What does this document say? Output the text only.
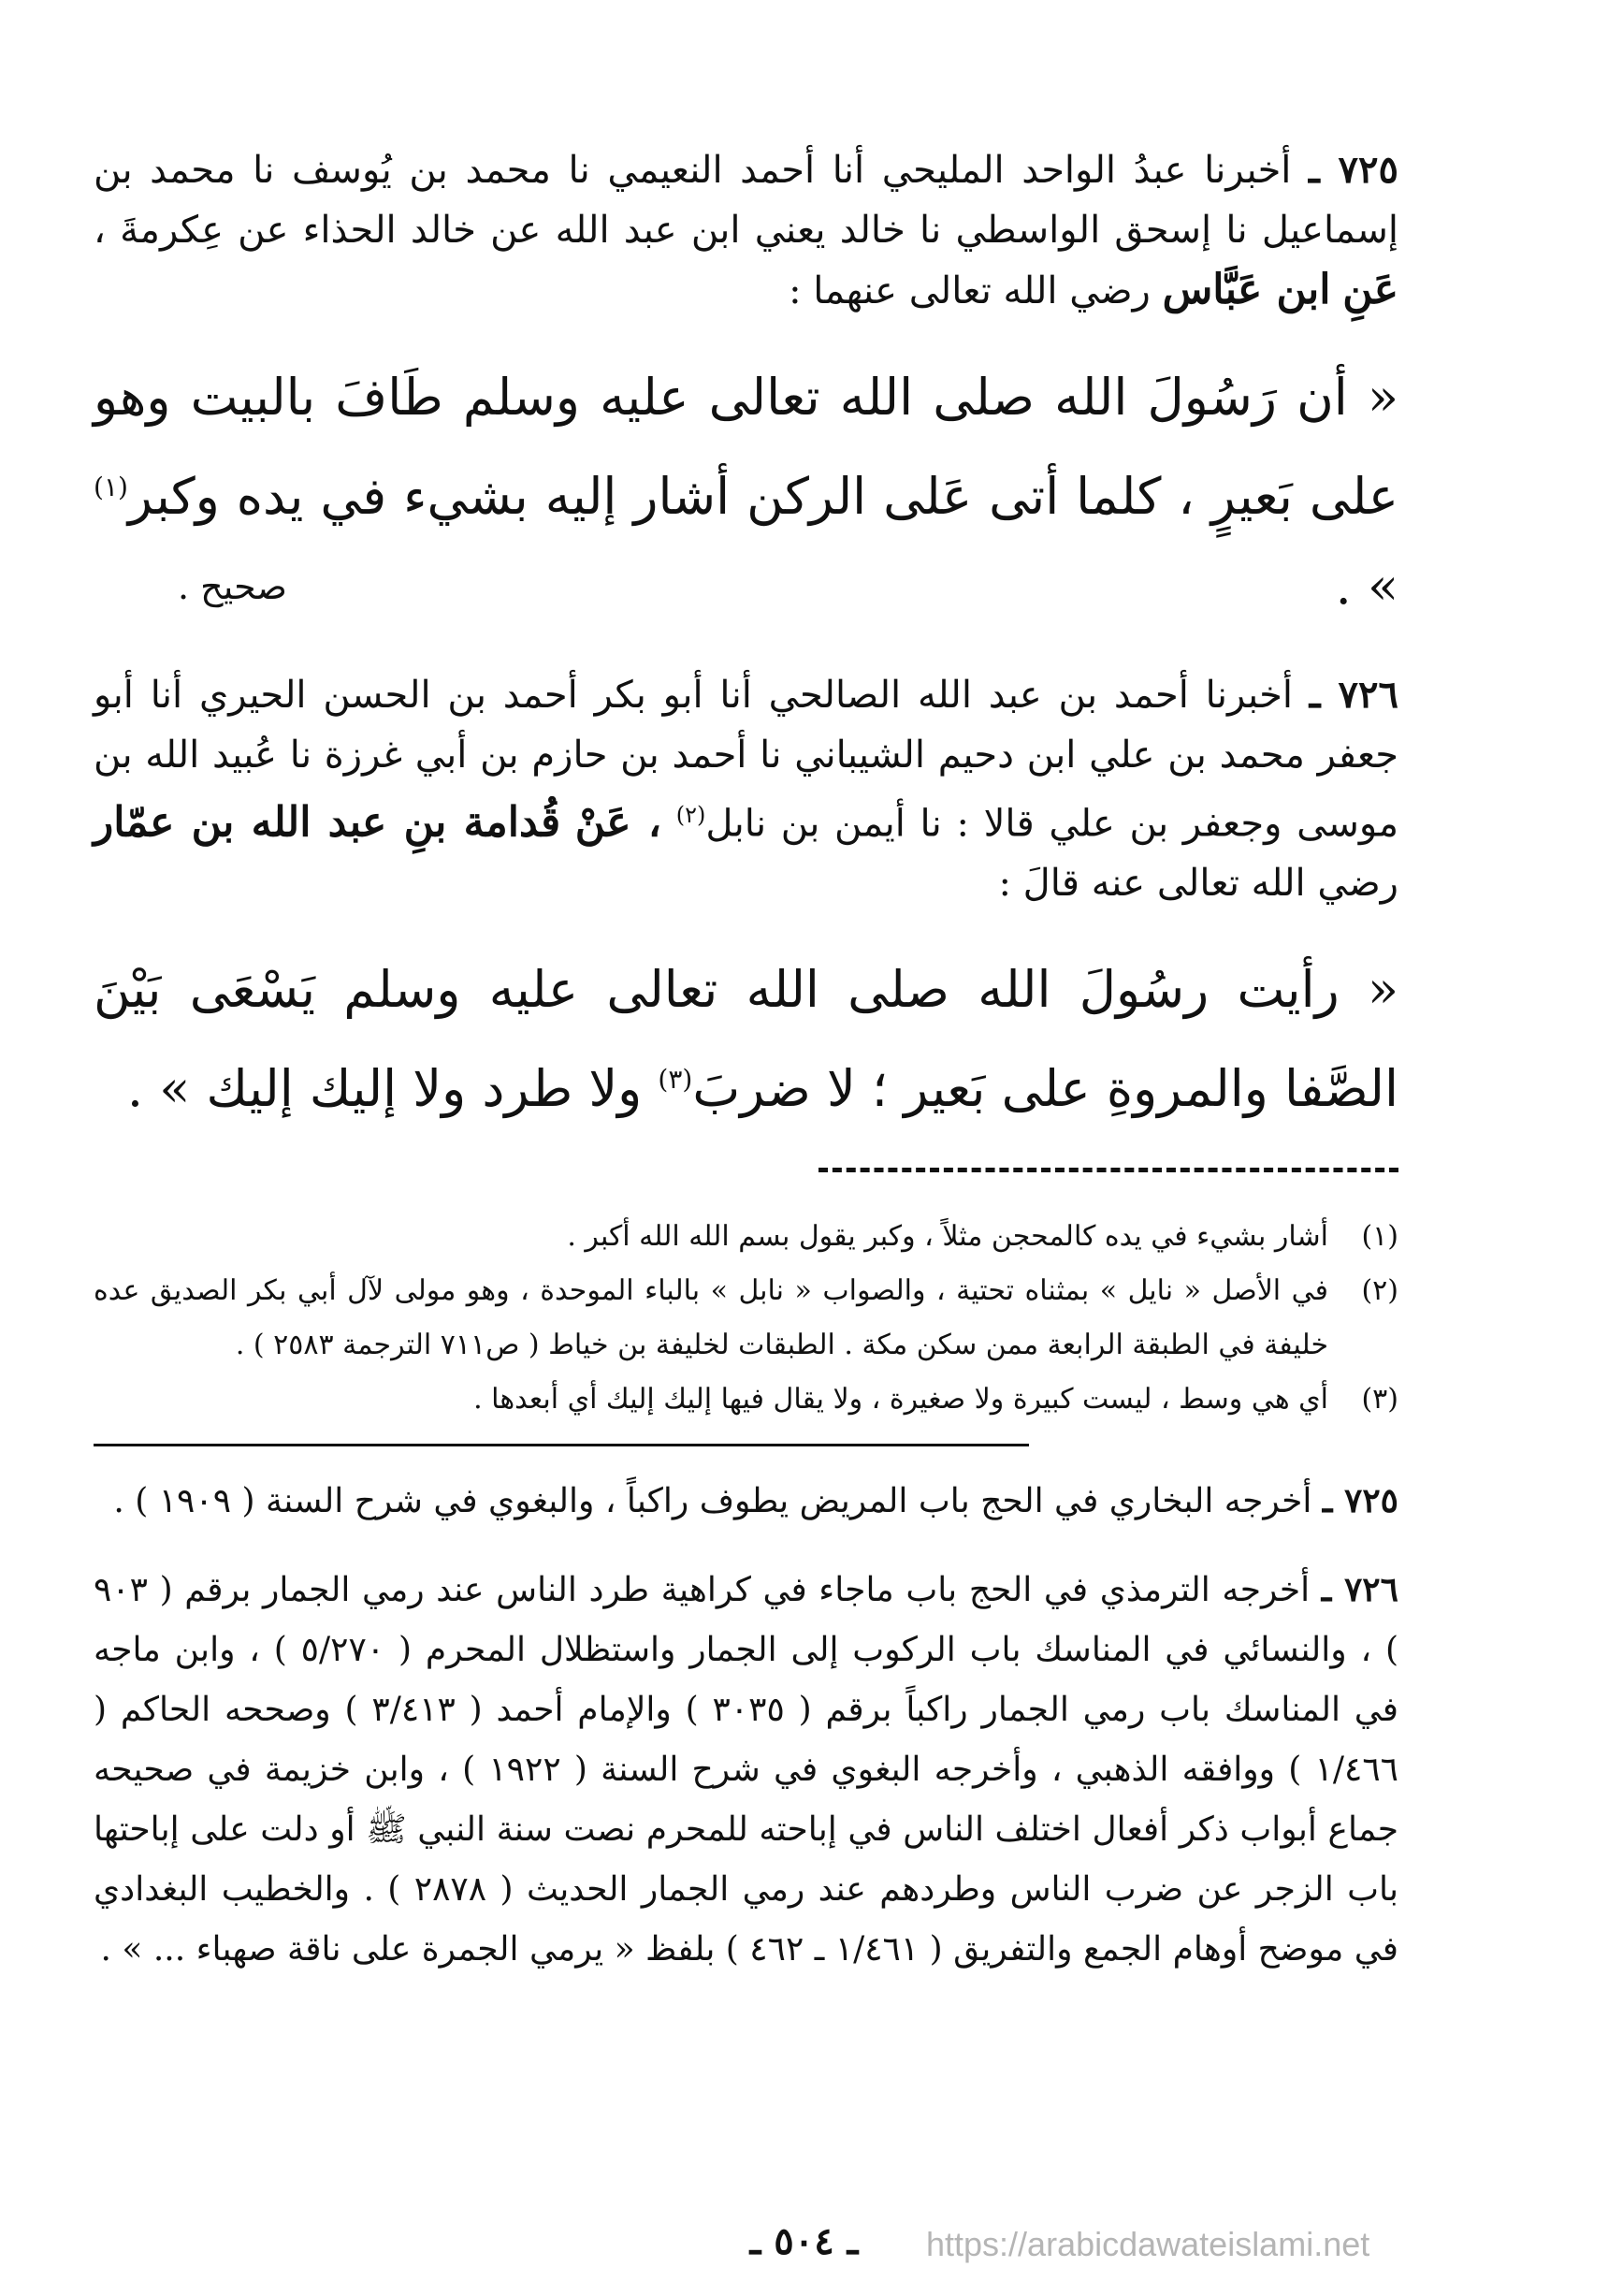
٧٢٥ ـ أخبرنا عبدُ الواحد المليحي أنا أحمد النعيمي نا محمد بن يُوسف نا محمد بن إسماعيل نا إسحق الواسطي نا خالد يعني ابن عبد الله عن خالد الحذاء عن عِكرمةَ ، عَنِ ابن عَبَّاس رضي الله تعالى عنهما :

« أن رَسُولَ الله صلى الله تعالى عليه وسلم طَافَ بالبيت وهو على بَعيرٍ ، كلما أتى عَلى الركن أشار إليه بشيء في يده وكبر$^{(١)}$ » .
صحيح .

٧٢٦ ـ أخبرنا أحمد بن عبد الله الصالحي أنا أبو بكر أحمد بن الحسن الحيري أنا أبو جعفر محمد بن علي ابن دحيم الشيباني نا أحمد بن حازم بن أبي غرزة نا عُبيد الله بن موسى وجعفر بن علي قالا : نا أيمن بن نابل$^{(٢)}$ ، عَنْ قُدامة بنِ عبد الله بن عمّار رضي الله تعالى عنه قالَ :

« رأيت رسُولَ الله صلى الله تعالى عليه وسلم يَسْعَى بَيْنَ الصَّفا والمروةِ على بَعير ؛ لا ضربَ$^{(٣)}$ ولا طرد ولا إليك إليك » .

(١)
أشار بشيء في يده كالمحجن مثلاً ، وكبر يقول بسم الله الله أكبر .
(٢)
في الأصل « نايل » بمثناه تحتية ، والصواب « نابل » بالباء الموحدة ، وهو مولى لآل أبي بكر الصديق عده خليفة في الطبقة الرابعة ممن سكن مكة . الطبقات لخليفة بن خياط ( ص٧١١ الترجمة ٢٥٨٣ ) .
(٣)
أي هي وسط ، ليست كبيرة ولا صغيرة ، ولا يقال فيها إليك إليك أي أبعدها .

٧٢٥ ـ أخرجه البخاري في الحج باب المريض يطوف راكباً ، والبغوي في شرح السنة ( ١٩٠٩ ) .

٧٢٦ ـ أخرجه الترمذي في الحج باب ماجاء في كراهية طرد الناس عند رمي الجمار برقم ( ٩٠٣ ) ، والنسائي في المناسك باب الركوب إلى الجمار واستظلال المحرم ( ٥/٢٧٠ ) ، وابن ماجه في المناسك باب رمي الجمار راكباً برقم ( ٣٠٣٥ ) والإمام أحمد ( ٣/٤١٣ ) وصححه الحاكم ( ١/٤٦٦ ) ووافقه الذهبي ، وأخرجه البغوي في شرح السنة ( ١٩٢٢ ) ، وابن خزيمة في صحيحه جماع أبواب ذكر أفعال اختلف الناس في إباحته للمحرم نصت سنة النبي ﷺ أو دلت على إباحتها باب الزجر عن ضرب الناس وطردهم عند رمي الجمار الحديث ( ٢٨٧٨ ) . والخطيب البغدادي في موضح أوهام الجمع والتفريق ( ١/٤٦١ ـ ٤٦٢ ) بلفظ « يرمي الجمرة على ناقة صهباء ... » .

ـ ٥٠٤ ـ	https://arabicdawateislami.net
